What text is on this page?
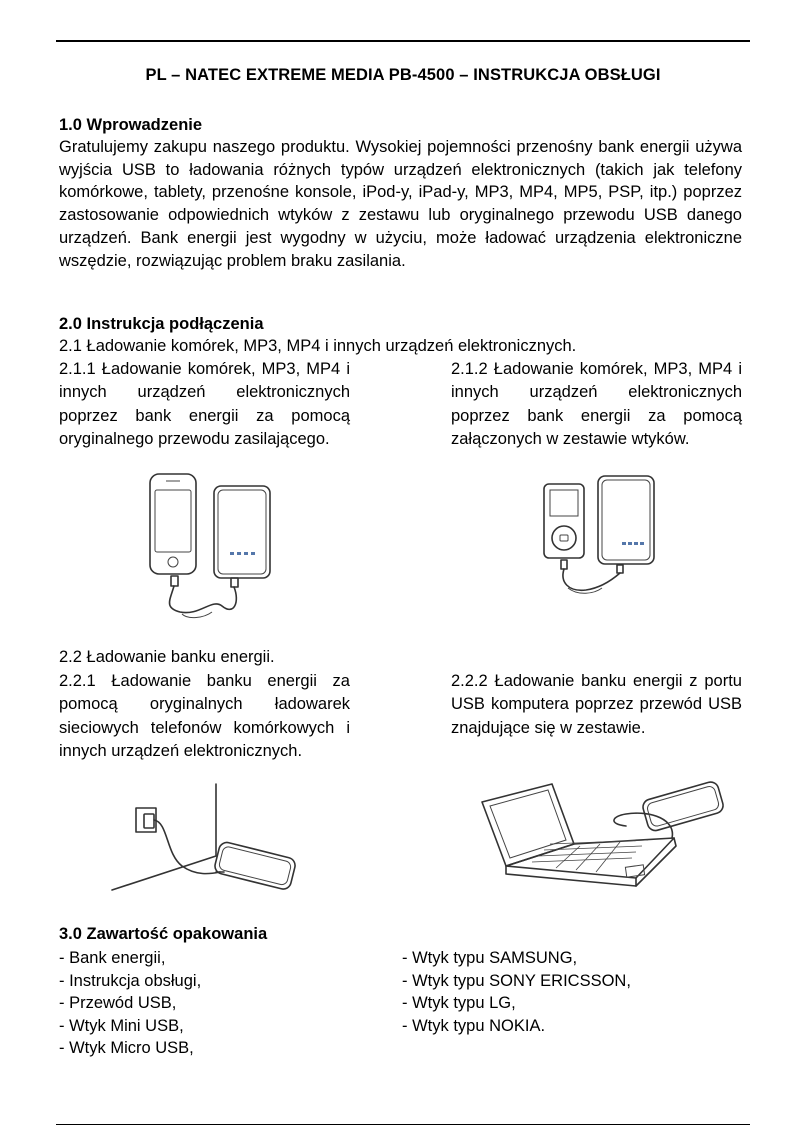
PL – NATEC EXTREME MEDIA PB-4500 – INSTRUKCJA OBSŁUGI
1.0 Wprowadzenie
Gratulujemy zakupu naszego produktu. Wysokiej pojemności przenośny bank energii używa wyjścia USB to ładowania różnych typów urządzeń elektronicznych (takich jak telefony komórkowe, tablety, przenośne konsole, iPod-y, iPad-y, MP3, MP4, MP5, PSP, itp.) poprzez zastosowanie odpowiednich wtyków z zestawu lub oryginalnego przewodu USB danego urządzeń. Bank energii jest wygodny w użyciu, może ładować urządzenia elektroniczne wszędzie, rozwiązując problem braku zasilania.
2.0 Instrukcja podłączenia
2.1 Ładowanie komórek, MP3, MP4 i innych urządzeń elektronicznych.
2.1.1 Ładowanie komórek, MP3, MP4 i innych urządzeń elektronicznych poprzez bank energii za pomocą oryginalnego przewodu zasilającego.
2.1.2 Ładowanie komórek, MP3, MP4 i innych urządzeń elektronicznych poprzez bank energii za pomocą załączonych w zestawie wtyków.
2.2 Ładowanie banku energii.
2.2.1 Ładowanie banku energii za pomocą oryginalnych ładowarek sieciowych telefonów komórkowych i innych urządzeń elektronicznych.
2.2.2 Ładowanie banku energii z portu USB komputera poprzez przewód USB znajdujące się w zestawie.
3.0 Zawartość opakowania
- Bank energii,
- Instrukcja obsługi,
- Przewód USB,
- Wtyk Mini USB,
- Wtyk Micro USB,
- Wtyk typu SAMSUNG,
- Wtyk typu SONY ERICSSON,
- Wtyk typu LG,
- Wtyk typu NOKIA.
